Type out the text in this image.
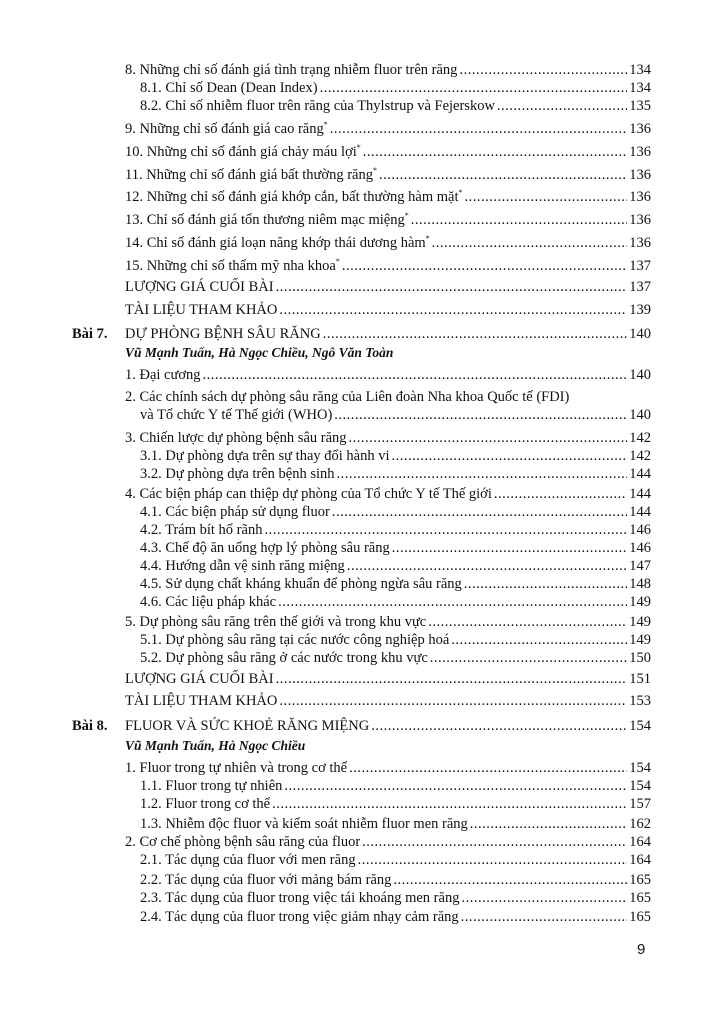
8. Những chỉ số đánh giá tình trạng nhiễm fluor trên răng .....	134
8.1. Chỉ số Dean (Dean Index) .....	134
8.2. Chỉ số nhiễm fluor trên răng của Thylstrup và Fejerskow .....	135
9. Những chỉ số đánh giá cao răng* .....	136
10. Những chỉ số đánh giá chảy máu lợi* .....	136
11. Những chỉ số đánh giá bất thường răng* .....	136
12. Những chỉ số đánh giá khớp cắn, bất thường hàm mặt* .....	136
13. Chỉ số đánh giá tổn thương niêm mạc miệng* .....	136
14. Chỉ số đánh giá loạn năng khớp thái dương hàm* .....	136
15. Những chỉ số thẩm mỹ nha khoa* .....	137
LƯỢNG GIÁ CUỐI BÀI .....	137
TÀI LIỆU THAM KHẢO .....	139
Bài 7. DỰ PHÒNG BỆNH SÂU RĂNG .....	140
Vũ Mạnh Tuấn, Hà Ngọc Chiều, Ngô Văn Toàn
1. Đại cương .....	140
2. Các chính sách dự phòng sâu răng của Liên đoàn Nha khoa Quốc tế (FDI)
và Tổ chức Y tế Thế giới (WHO) .....	140
3. Chiến lược dự phòng bệnh sâu răng .....	142
3.1. Dự phòng dựa trên sự thay đổi hành vi .....	142
3.2. Dự phòng dựa trên bệnh sinh .....	144
4. Các biện pháp can thiệp dự phòng của Tổ chức Y tế Thế giới .....	144
4.1. Các biện pháp sử dụng fluor .....	144
4.2. Trám bít hố rãnh .....	146
4.3. Chế độ ăn uống hợp lý phòng sâu răng .....	146
4.4. Hướng dẫn vệ sinh răng miệng .....	147
4.5. Sử dụng chất kháng khuẩn để phòng ngừa sâu răng .....	148
4.6. Các liệu pháp khác .....	149
5. Dự phòng sâu răng trên thế giới và trong khu vực .....	149
5.1. Dự phòng sâu răng tại các nước công nghiệp hoá .....	149
5.2. Dự phòng sâu răng ở các nước trong khu vực .....	150
LƯỢNG GIÁ CUỐI BÀI .....	151
TÀI LIỆU THAM KHẢO .....	153
Bài 8. FLUOR VÀ SỨC KHOẺ RĂNG MIỆNG .....	154
Vũ Mạnh Tuấn, Hà Ngọc Chiều
1. Fluor trong tự nhiên và trong cơ thể .....	154
1.1. Fluor trong tự nhiên .....	154
1.2. Fluor trong cơ thể .....	157
1.3. Nhiễm độc fluor và kiểm soát nhiễm fluor men răng .....	162
2. Cơ chế phòng bệnh sâu răng của fluor .....	164
2.1. Tác dụng của fluor với men răng .....	164
2.2. Tác dụng của fluor với mảng bám răng .....	165
2.3. Tác dụng của fluor trong việc tái khoáng men răng .....	165
2.4. Tác dụng của fluor trong việc giảm nhạy cảm răng .....	165
9
